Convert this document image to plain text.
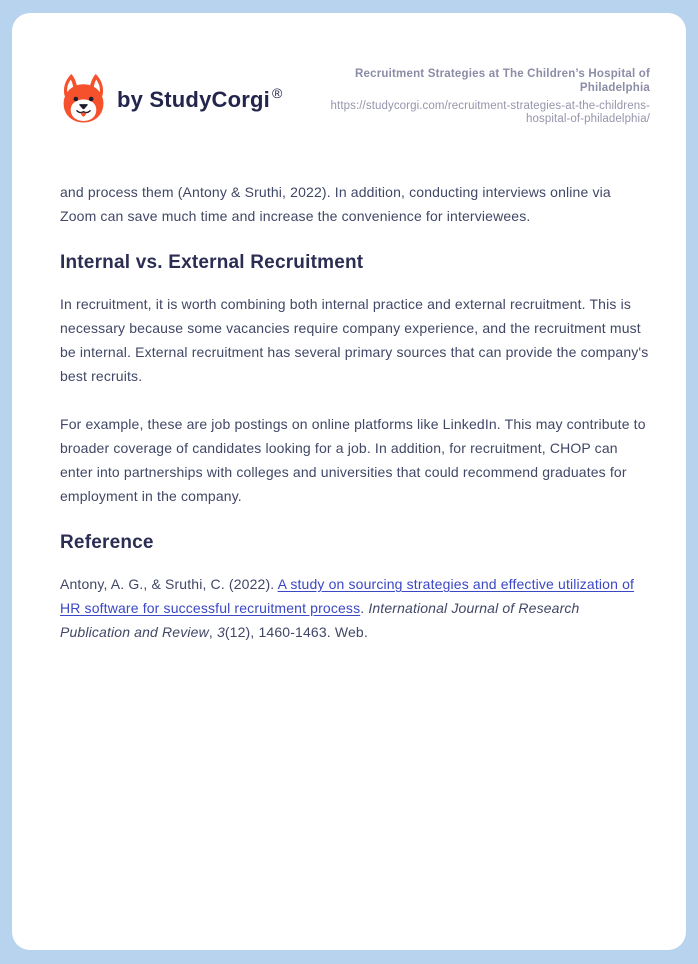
by StudyCorgi ®
Recruitment Strategies at The Children’s Hospital of Philadelphia
https://studycorgi.com/recruitment-strategies-at-the-childrens-hospital-of-philadelphia/

and process them (Antony & Sruthi, 2022). In addition, conducting interviews online via Zoom can save much time and increase the convenience for interviewees.

Internal vs. External Recruitment

In recruitment, it is worth combining both internal practice and external recruitment. This is necessary because some vacancies require company experience, and the recruitment must be internal. External recruitment has several primary sources that can provide the company's best recruits.

For example, these are job postings on online platforms like LinkedIn. This may contribute to broader coverage of candidates looking for a job. In addition, for recruitment, CHOP can enter into partnerships with colleges and universities that could recommend graduates for employment in the company.

Reference

Antony, A. G., & Sruthi, C. (2022). A study on sourcing strategies and effective utilization of HR software for successful recruitment process. International Journal of Research Publication and Review, 3(12), 1460-1463. Web.
